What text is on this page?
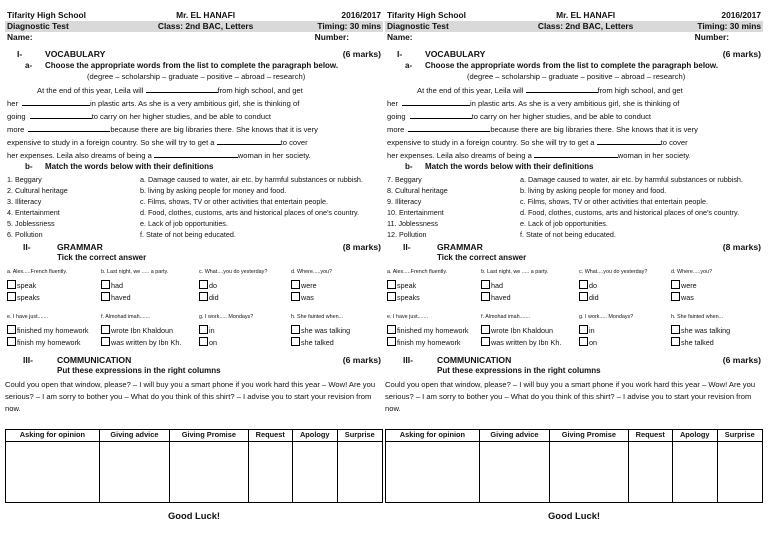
Tifarity High School	Mr. EL HANAFI	2016/2017
Diagnostic Test	Class: 2nd BAC, Letters	Timing: 30 mins
Name:		Number:
I-	VOCABULARY	(6 marks)
a- Choose the appropriate words from the list to complete the paragraph below.
(degree – scholarship – graduate – positive – abroad – research)
At the end of this year, Leila will	from high school, and get
her	in plastic arts. As she is a very ambitious girl, she is thinking of
going	to carry on her higher studies, and be able to conduct
more	because there are big libraries there. She knows that it is very
expensive to study in a foreign country. So she will try to get a	to cover
her expenses. Leila also dreams of being a	woman in her society.
b- Match the words below with their definitions
1. Beggary	a. Damage caused to water, air etc. by harmful substances or rubbish.
2. Cultural heritage	b. living by asking people for money and food.
3. Illiteracy	c. Films, shows, TV or other activities that entertain people.
4. Entertainment	d. Food, clothes, customs, arts and historical places of one’s country.
5. Joblessness	e. Lack of job opportunities.
6. Pollution	f. State of not being educated.
II-	GRAMMAR	(8 marks)
Tick the correct answer
a. Alex.....French fluently.
speak
speaks
b. Last night, we ..... a party.
had
haved
c. What....you do yesterday?
do
did
d. Where.....you?
were
was
e. I have just.......
finished my homework
finish my homework
f. Almohad imah.......
wrote Ibn Khaldoun
was written by Ibn Kh.
g. I work..... Mondays?
in
on
h. She fainted when...
she was talking
she talked
III-	COMMUNICATION	(6 marks)
Put these expressions in the right columns
Could you open that window, please? – I will buy you a smart phone if you work hard this year – Wow! Are you serious? – I am sorry to bother you – What do you think of this shirt? – I advise you to start your revision from now.
Asking for opinion	Giving advice	Giving Promise	Request	Apology	Surprise

Good Luck!
Tifarity High School	Mr. EL HANAFI	2016/2017
Diagnostic Test	Class: 2nd BAC, Letters	Timing: 30 mins
Name:		Number:
I-	VOCABULARY	(6 marks)
a- Choose the appropriate words from the list to complete the paragraph below.
(degree – scholarship – graduate – positive – abroad – research)
At the end of this year, Leila will	from high school, and get
her	in plastic arts. As she is a very ambitious girl, she is thinking of
going	to carry on her higher studies, and be able to conduct
more	because there are big libraries there. She knows that it is very
expensive to study in a foreign country. So she will try to get a	to cover
her expenses. Leila also dreams of being a	woman in her society.
b- Match the words below with their definitions
7. Beggary	a. Damage caused to water, air etc. by harmful substances or rubbish.
8. Cultural heritage	b. living by asking people for money and food.
9. Illiteracy	c. Films, shows, TV or other activities that entertain people.
10. Entertainment	d. Food, clothes, customs, arts and historical places of one’s country.
11. Joblessness	e. Lack of job opportunities.
12. Pollution	f. State of not being educated.
II-	GRAMMAR	(8 marks)
Tick the correct answer
a. Alex.....French fluently.
speak
speaks
b. Last night, we ..... a party.
had
haved
c. What....you do yesterday?
do
did
d. Where.....you?
were
was
e. I have just.......
finished my homework
finish my homework
f. Almohad imah.......
wrote Ibn Khaldoun
was written by Ibn Kh.
g. I work..... Mondays?
in
on
h. She fainted when...
she was talking
she talked
III-	COMMUNICATION	(6 marks)
Put these expressions in the right columns
Could you open that window, please? – I will buy you a smart phone if you work hard this year – Wow! Are you serious? – I am sorry to bother you – What do you think of this shirt? – I advise you to start your revision from now.
Asking for opinion	Giving advice	Giving Promise	Request	Apology	Surprise

Good Luck!
